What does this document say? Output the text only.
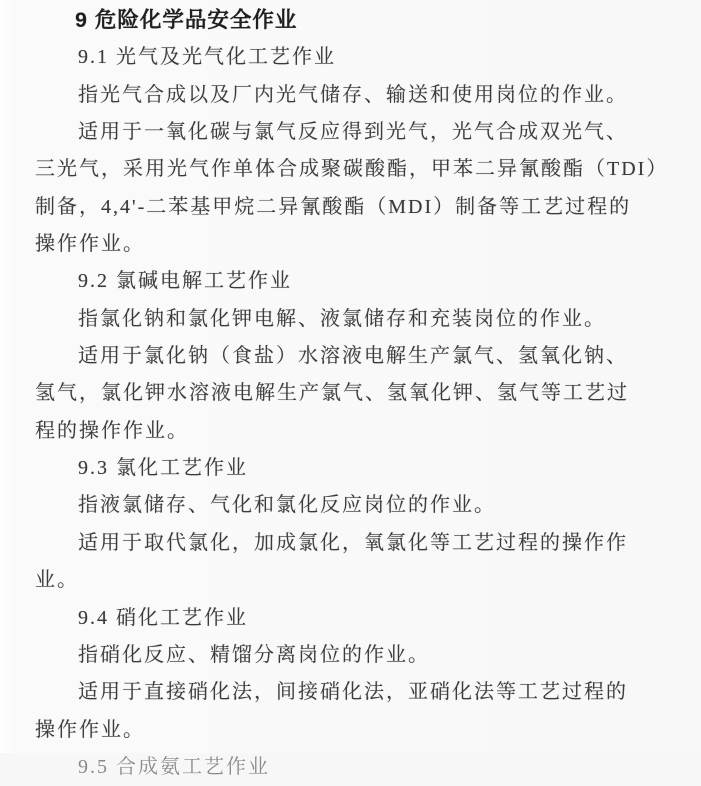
9 危险化学品安全作业
9.1 光气及光气化工艺作业
指光气合成以及厂内光气储存、输送和使用岗位的作业。
适用于一氧化碳与氯气反应得到光气，光气合成双光气、
三光气，采用光气作单体合成聚碳酸酯，甲苯二异氰酸酯（TDI）
制备，4,4'-二苯基甲烷二异氰酸酯（MDI）制备等工艺过程的
操作作业。
9.2 氯碱电解工艺作业
指氯化钠和氯化钾电解、液氯储存和充装岗位的作业。
适用于氯化钠（食盐）水溶液电解生产氯气、氢氧化钠、
氢气，氯化钾水溶液电解生产氯气、氢氧化钾、氢气等工艺过
程的操作作业。
9.3 氯化工艺作业
指液氯储存、气化和氯化反应岗位的作业。
适用于取代氯化，加成氯化，氧氯化等工艺过程的操作作
业。
9.4 硝化工艺作业
指硝化反应、精馏分离岗位的作业。
适用于直接硝化法，间接硝化法，亚硝化法等工艺过程的
操作作业。
9.5 合成氨工艺作业
